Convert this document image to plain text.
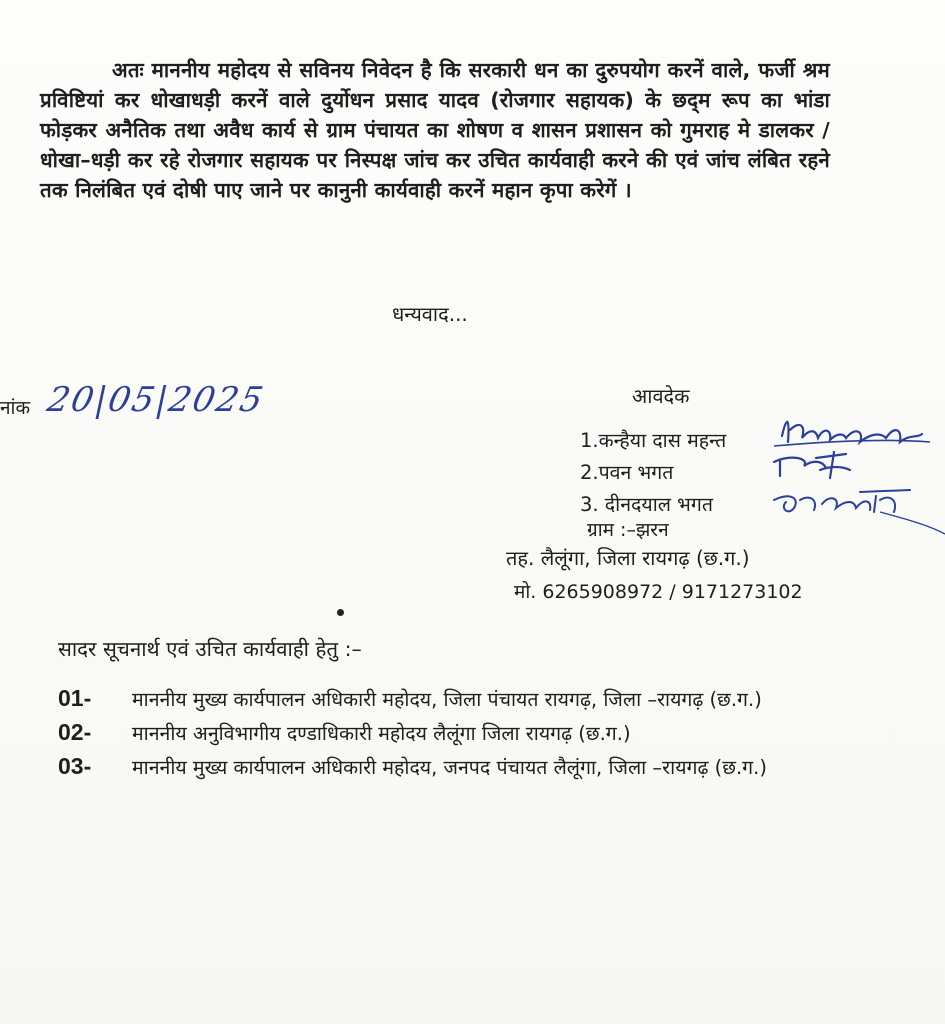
अतः माननीय महोदय से सविनय निवेदन है कि सरकारी धन का दुरुपयोग करनें वाले, फर्जी श्रम प्रविष्टियां कर धोखाधड़ी करनें वाले दुर्योधन प्रसाद यादव (रोजगार सहायक) के छद्‌म रूप का भांडा फोड़कर अनैतिक तथा अवैध कार्य से ग्राम पंचायत का शोषण व शासन प्रशासन को गुमराह मे डालकर / धोखा–धड़ी कर रहे रोजगार सहायक पर निस्पक्ष जांच कर उचित कार्यवाही करने की एवं जांच लंबित रहने तक निलंबित एवं दोषी पाए जाने पर कानुनी कार्यवाही करनें महान कृपा करेगें ।

धन्यवाद...
नांक 20|05|2025	आवदेक
1.कन्हैया दास महन्त
2.पवन भगत
3. दीनदयाल भगत
ग्राम :–झरन
तह. लैलूंगा, जिला रायगढ़ (छ.ग.)
मो. 6265908972 / 9171273102
सादर सूचनार्थ एवं उचित कार्यवाही हेतु :–
01- माननीय मुख्य कार्यपालन अधिकारी महोदय, जिला पंचायत रायगढ़, जिला –रायगढ़ (छ.ग.)
02- माननीय अनुविभागीय दण्डाधिकारी महोदय लैलूंगा जिला रायगढ़ (छ.ग.)
03- माननीय मुख्य कार्यपालन अधिकारी महोदय, जनपद पंचायत लैलूंगा, जिला –रायगढ़ (छ.ग.)
